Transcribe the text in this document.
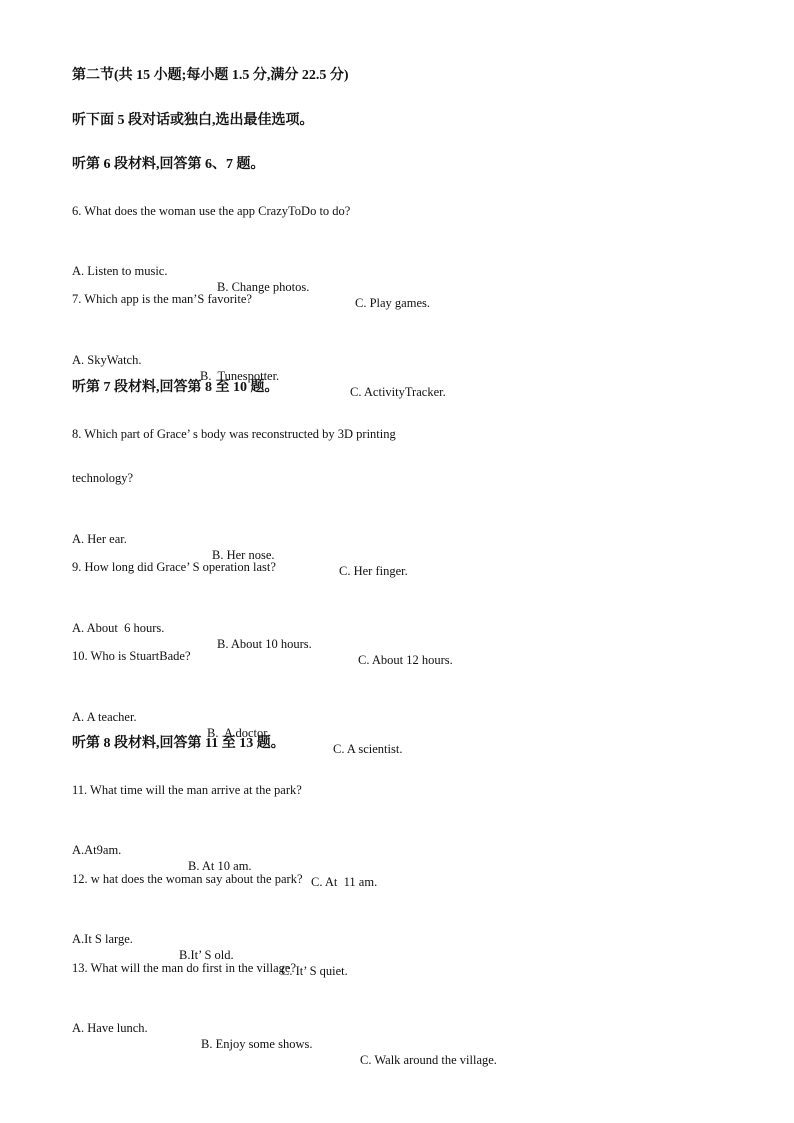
第二节(共 15 小题;每小题 1.5 分,满分 22.5 分)
听下面 5 段对话或独白,选出最佳选项。
听第 6 段材料,回答第 6、7 题。
6. What does the woman use the app CrazyToDo to do?

A. Listen to music.

B. Change photos.

C. Play games.

7. Which app is the man’S favorite?

A. SkyWatch.

B.  Tunespotter.

C. ActivityTracker.

听第 7 段材料,回答第 8 至 10 题。
8. Which part of Grace’ s body was reconstructed by 3D printing
technology?

A. Her ear.

B. Her nose.

C. Her finger.

9. How long did Grace’ S operation last?

A. About  6 hours.

B. About 10 hours.

C. About 12 hours.

10. Who is StuartBade?

A. A teacher.

B.  A doctor.

C. A scientist.

听第 8 段材料,回答第 11 至 13 题。
11. What time will the man arrive at the park?

A.At9am.

B. At 10 am.

C. At  11 am.

12. w hat does the woman say about the park?

A.It S large.

B.It’ S old.

C. It’ S quiet.

13. What will the man do first in the village?

A. Have lunch.

B. Enjoy some shows.

C. Walk around the village.
